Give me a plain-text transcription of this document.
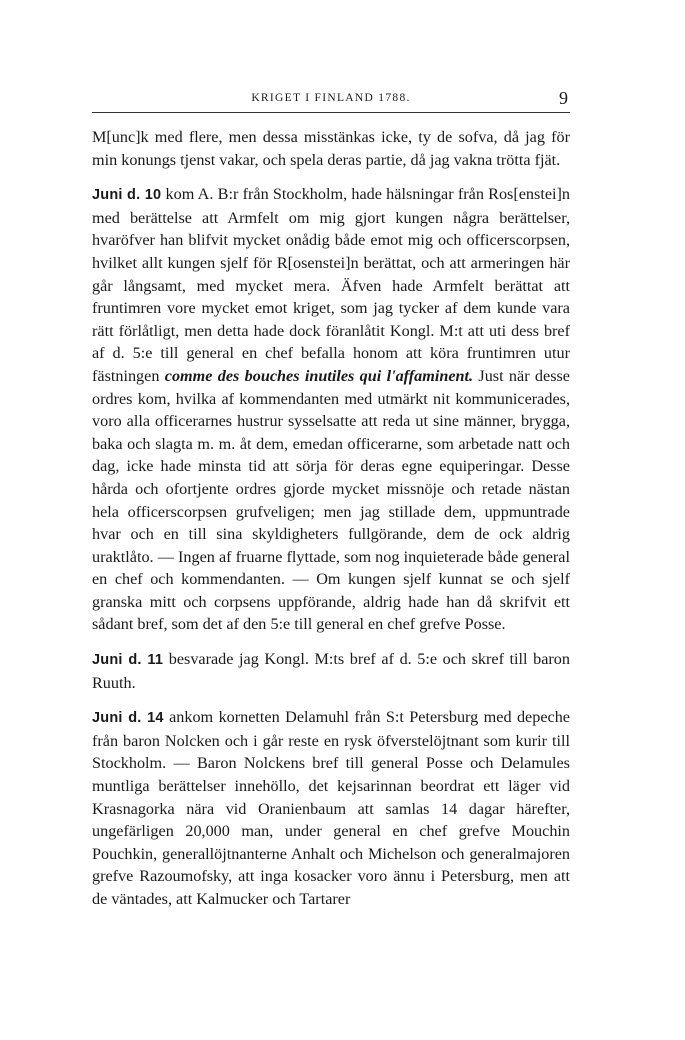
KRIGET I FINLAND 1788.	9

M[unc]k med flere, men dessa misstänkas icke, ty de sofva, då jag för min konungs tjenst vakar, och spela deras partie, då jag vakna trötta fjät.

Juni d. 10 kom A. B:r från Stockholm, hade hälsningar från Ros[enstei]n med berättelse att Armfelt om mig gjort kungen några berättelser, hvaröfver han blifvit mycket onådig både emot mig och officerscorpsen, hvilket allt kungen sjelf för R[osenstei]n berättat, och att armeringen här går långsamt, med mycket mera. Äfven hade Armfelt berättat att fruntimren vore mycket emot kriget, som jag tycker af dem kunde vara rätt förlåtligt, men detta hade dock föranlåtit Kongl. M:t att uti dess bref af d. 5:e till general en chef befalla honom att köra fruntimren utur fästningen comme des bouches inutiles qui l'affaminent. Just när desse ordres kom, hvilka af kommendanten med utmärkt nit kommunicerades, voro alla officerarnes hustrur sysselsatte att reda ut sine männer, brygga, baka och slagta m. m. åt dem, emedan officerarne, som arbetade natt och dag, icke hade minsta tid att sörja för deras egne equiperingar. Desse hårda och ofortjente ordres gjorde mycket missnöje och retade nästan hela officerscorpsen grufveligen; men jag stillade dem, uppmuntrade hvar och en till sina skyldigheters fullgörande, dem de ock aldrig uraktlåto. — Ingen af fruarne flyttade, som nog inquieterade både general en chef och kommendanten. — Om kungen sjelf kunnat se och sjelf granska mitt och corpsens uppförande, aldrig hade han då skrifvit ett sådant bref, som det af den 5:e till general en chef grefve Posse.

Juni d. 11 besvarade jag Kongl. M:ts bref af d. 5:e och skref till baron Ruuth.

Juni d. 14 ankom kornetten Delamuhl från S:t Petersburg med depeche från baron Nolcken och i går reste en rysk öfverstelöjtnant som kurir till Stockholm. — Baron Nolckens bref till general Posse och Delamules muntliga berättelser innehöllo, det kejsarinnan beordrat ett läger vid Krasnagorka nära vid Oranienbaum att samlas 14 dagar härefter, ungefärligen 20,000 man, under general en chef grefve Mouchin Pouchkin, generallöjtnanterne Anhalt och Michelson och generalmajoren grefve Razoumofsky, att inga kosacker voro ännu i Petersburg, men att de väntades, att Kalmucker och Tartarer
